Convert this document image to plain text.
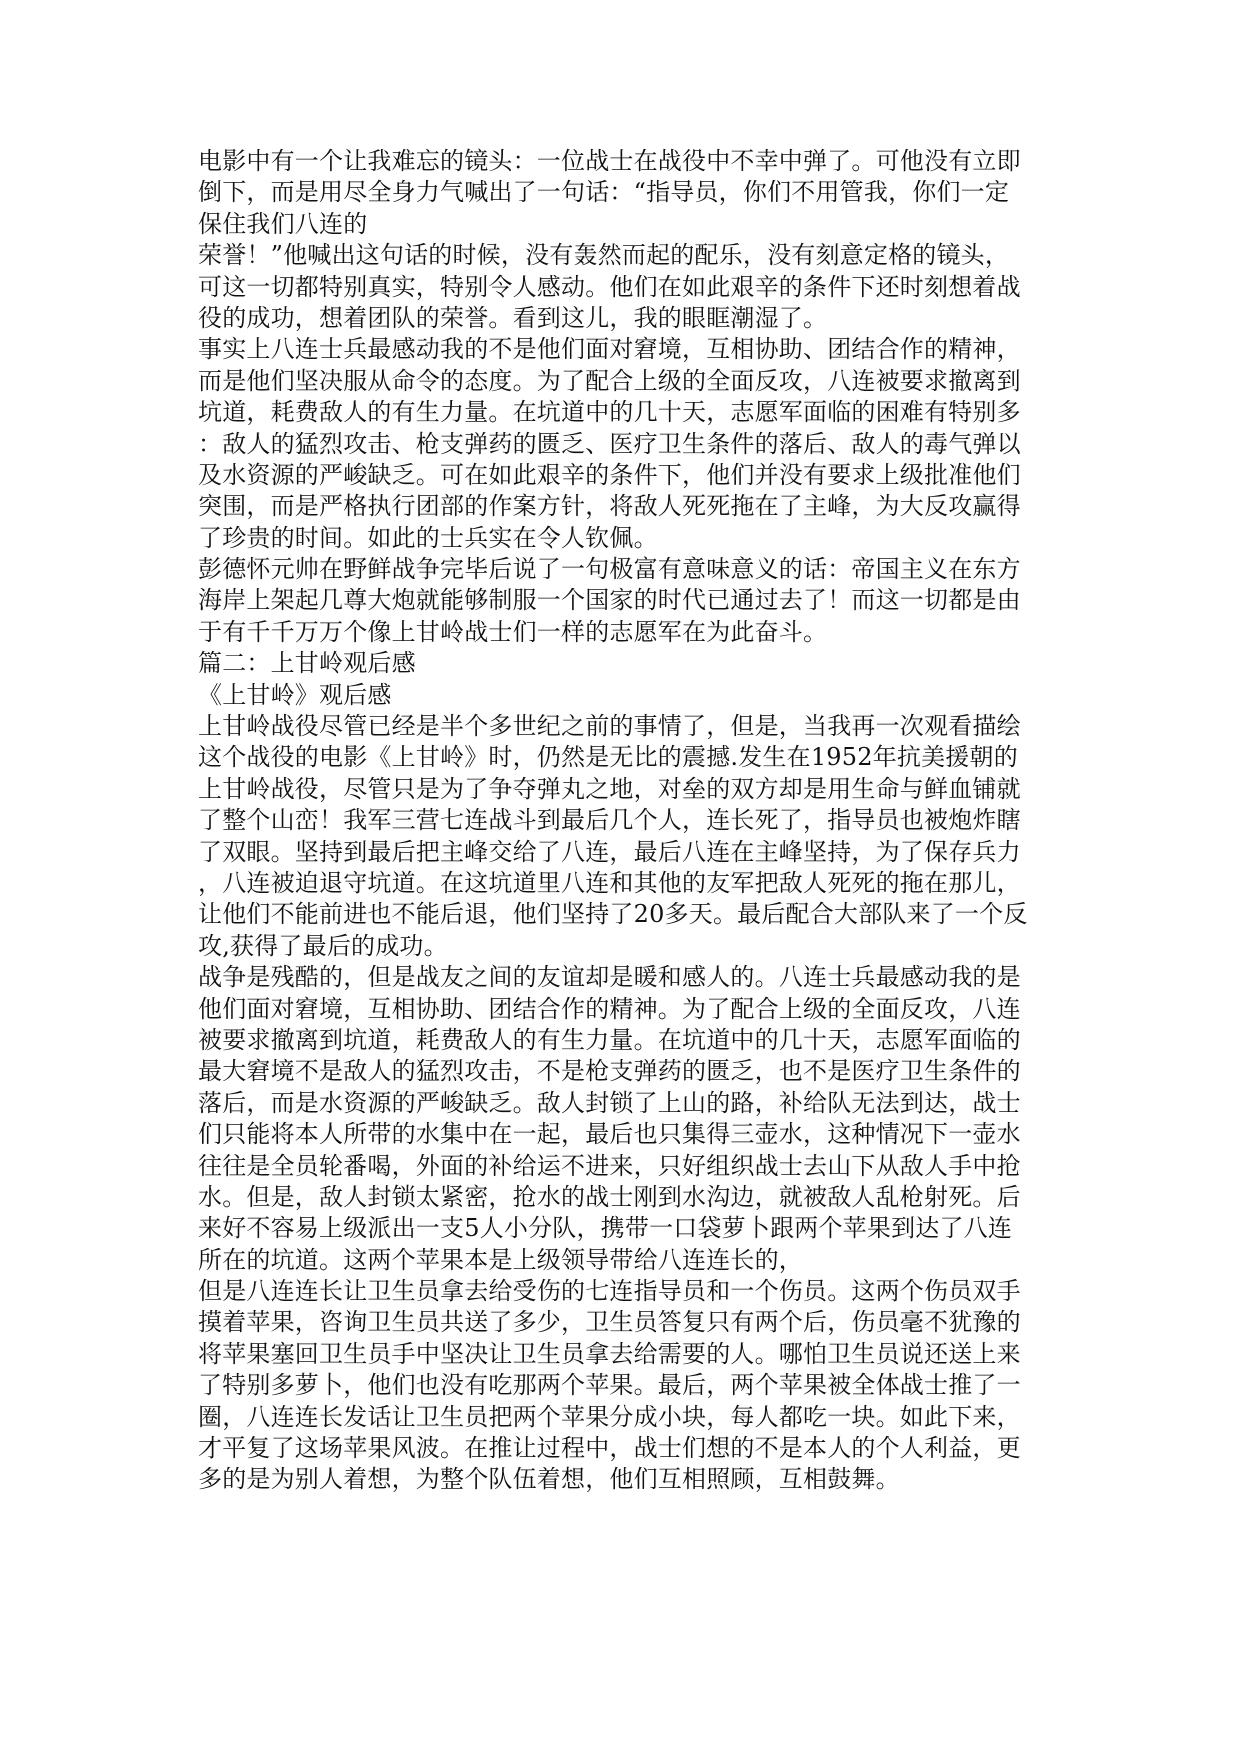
电影中有一个让我难忘的镜头：一位战士在战役中不幸中弹了。可他没有立即
倒下，而是用尽全身力气喊出了一句话：“指导员，你们不用管我，你们一定
保住我们八连的
荣誉！”他喊出这句话的时候，没有轰然而起的配乐，没有刻意定格的镜头，
可这一切都特别真实，特别令人感动。他们在如此艰辛的条件下还时刻想着战
役的成功，想着团队的荣誉。看到这儿，我的眼眶潮湿了。
事实上八连士兵最感动我的不是他们面对窘境，互相协助、团结合作的精神，
而是他们坚决服从命令的态度。为了配合上级的全面反攻，八连被要求撤离到
坑道，耗费敌人的有生力量。在坑道中的几十天，志愿军面临的困难有特别多
：敌人的猛烈攻击、枪支弹药的匮乏、医疗卫生条件的落后、敌人的毒气弹以
及水资源的严峻缺乏。可在如此艰辛的条件下，他们并没有要求上级批准他们
突围，而是严格执行团部的作案方针，将敌人死死拖在了主峰，为大反攻赢得
了珍贵的时间。如此的士兵实在令人钦佩。
彭德怀元帅在野鲜战争完毕后说了一句极富有意味意义的话：帝国主义在东方
海岸上架起几尊大炮就能够制服一个国家的时代已通过去了！而这一切都是由
于有千千万万个像上甘岭战士们一样的志愿军在为此奋斗。
篇二：上甘岭观后感
《上甘岭》观后感
上甘岭战役尽管已经是半个多世纪之前的事情了，但是，当我再一次观看描绘
这个战役的电影《上甘岭》时，仍然是无比的震撼.发生在1952年抗美援朝的
上甘岭战役，尽管只是为了争夺弹丸之地，对垒的双方却是用生命与鲜血铺就
了整个山峦！我军三营七连战斗到最后几个人，连长死了，指导员也被炮炸瞎
了双眼。坚持到最后把主峰交给了八连，最后八连在主峰坚持，为了保存兵力
，八连被迫退守坑道。在这坑道里八连和其他的友军把敌人死死的拖在那儿，
让他们不能前进也不能后退，他们坚持了20多天。最后配合大部队来了一个反
攻,获得了最后的成功。
战争是残酷的，但是战友之间的友谊却是暖和感人的。八连士兵最感动我的是
他们面对窘境，互相协助、团结合作的精神。为了配合上级的全面反攻，八连
被要求撤离到坑道，耗费敌人的有生力量。在坑道中的几十天，志愿军面临的
最大窘境不是敌人的猛烈攻击，不是枪支弹药的匮乏，也不是医疗卫生条件的
落后，而是水资源的严峻缺乏。敌人封锁了上山的路，补给队无法到达，战士
们只能将本人所带的水集中在一起，最后也只集得三壶水，这种情况下一壶水
往往是全员轮番喝，外面的补给运不进来，只好组织战士去山下从敌人手中抢
水。但是，敌人封锁太紧密，抢水的战士刚到水沟边，就被敌人乱枪射死。后
来好不容易上级派出一支5人小分队，携带一口袋萝卜跟两个苹果到达了八连
所在的坑道。这两个苹果本是上级领导带给八连连长的，
但是八连连长让卫生员拿去给受伤的七连指导员和一个伤员。这两个伤员双手
摸着苹果，咨询卫生员共送了多少，卫生员答复只有两个后，伤员毫不犹豫的
将苹果塞回卫生员手中坚决让卫生员拿去给需要的人。哪怕卫生员说还送上来
了特别多萝卜，他们也没有吃那两个苹果。最后，两个苹果被全体战士推了一
圈，八连连长发话让卫生员把两个苹果分成小块，每人都吃一块。如此下来，
才平复了这场苹果风波。在推让过程中，战士们想的不是本人的个人利益，更
多的是为别人着想，为整个队伍着想，他们互相照顾，互相鼓舞。
